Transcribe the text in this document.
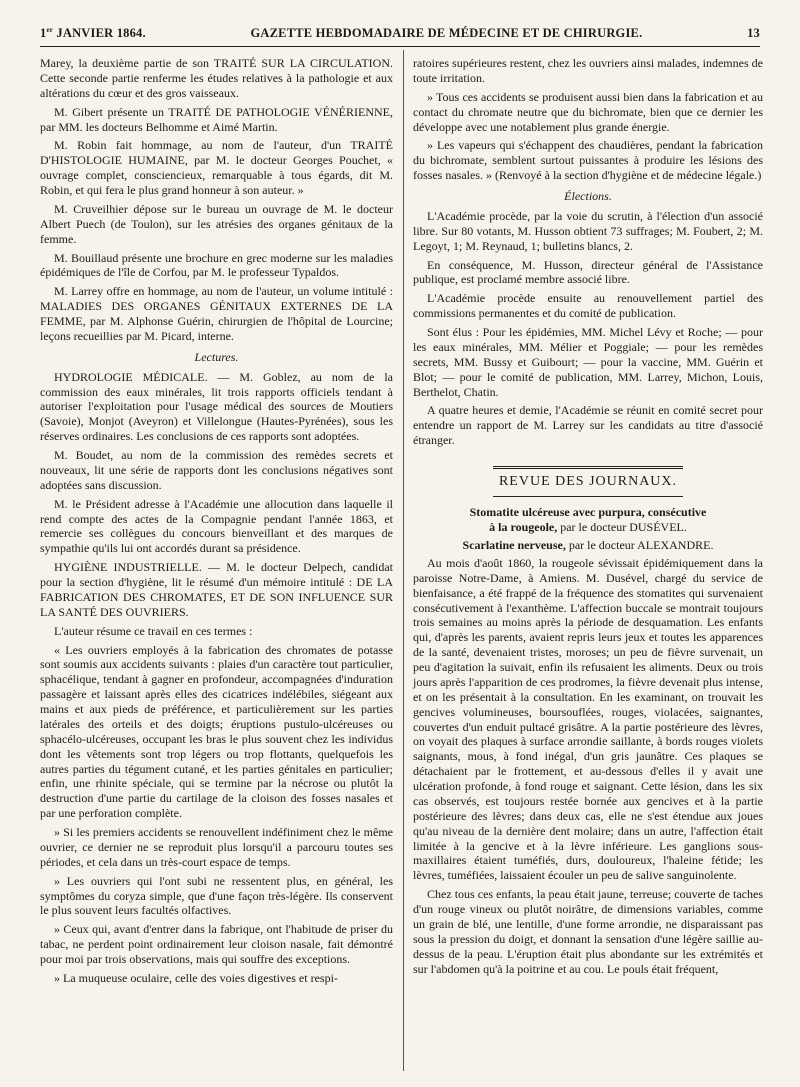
1er JANVIER 1864.	GAZETTE HEBDOMADAIRE DE MÉDECINE ET DE CHIRURGIE.	13

Marey, la deuxième partie de son TRAITÉ SUR LA CIRCULATION. Cette seconde partie renferme les études relatives à la pathologie et aux altérations du cœur et des gros vaisseaux.

M. Gibert présente un TRAITÉ DE PATHOLOGIE VÉNÉRIENNE, par MM. les docteurs Belhomme et Aimé Martin.

M. Robin fait hommage, au nom de l'auteur, d'un TRAITÉ D'HISTOLOGIE HUMAINE, par M. le docteur Georges Pouchet, « ouvrage complet, consciencieux, remarquable à tous égards, dit M. Robin, et qui fera le plus grand honneur à son auteur. »

M. Cruveilhier dépose sur le bureau un ouvrage de M. le docteur Albert Puech (de Toulon), sur les atrésies des organes génitaux de la femme.

M. Bouillaud présente une brochure en grec moderne sur les maladies épidémiques de l'île de Corfou, par M. le professeur Typaldos.

M. Larrey offre en hommage, au nom de l'auteur, un volume intitulé : MALADIES DES ORGANES GÉNITAUX EXTERNES DE LA FEMME, par M. Alphonse Guérin, chirurgien de l'hôpital de Lourcine; leçons recueillies par M. Picard, interne.

Lectures.

HYDROLOGIE MÉDICALE. — M. Goblez, au nom de la commission des eaux minérales, lit trois rapports officiels tendant à autoriser l'exploitation pour l'usage médical des sources de Moutiers (Savoie), Monjot (Aveyron) et Villelongue (Hautes-Pyrénées), sous les réserves ordinaires. Les conclusions de ces rapports sont adoptées.

M. Boudet, au nom de la commission des remèdes secrets et nouveaux, lit une série de rapports dont les conclusions négatives sont adoptées sans discussion.

M. le Président adresse à l'Académie une allocution dans laquelle il rend compte des actes de la Compagnie pendant l'année 1863, et remercie ses collègues du concours bienveillant et des marques de sympathie qu'ils lui ont accordés durant sa présidence.

HYGIÈNE INDUSTRIELLE. — M. le docteur Delpech, candidat pour la section d'hygiène, lit le résumé d'un mémoire intitulé : DE LA FABRICATION DES CHROMATES, ET DE SON INFLUENCE SUR LA SANTÉ DES OUVRIERS.

L'auteur résume ce travail en ces termes :

« Les ouvriers employés à la fabrication des chromates de potasse sont soumis aux accidents suivants : plaies d'un caractère tout particulier, sphacélique, tendant à gagner en profondeur, accompagnées d'induration passagère et laissant après elles des cicatrices indélébiles, siégeant aux mains et aux pieds de préférence, et particulièrement sur les parties latérales des orteils et des doigts; éruptions pustulo-ulcéreuses ou sphacélo-ulcéreuses, occupant les bras le plus souvent chez les individus dont les vêtements sont trop légers ou trop flottants, quelquefois les autres parties du tégument cutané, et les parties génitales en particulier; enfin, une rhinite spéciale, qui se termine par la nécrose ou plutôt la destruction d'une partie du cartilage de la cloison des fosses nasales et par une perforation complète.

» Si les premiers accidents se renouvellent indéfiniment chez le même ouvrier, ce dernier ne se reproduit plus lorsqu'il a parcouru toutes ses périodes, et cela dans un très-court espace de temps.

» Les ouvriers qui l'ont subi ne ressentent plus, en général, les symptômes du coryza simple, que d'une façon très-légère. Ils conservent le plus souvent leurs facultés olfactives.

» Ceux qui, avant d'entrer dans la fabrique, ont l'habitude de priser du tabac, ne perdent point ordinairement leur cloison nasale, fait démontré pour moi par trois observations, mais qui souffre des exceptions.

» La muqueuse oculaire, celle des voies digestives et respi-

ratoires supérieures restent, chez les ouvriers ainsi malades, indemnes de toute irritation.

» Tous ces accidents se produisent aussi bien dans la fabrication et au contact du chromate neutre que du bichromate, bien que ce dernier les développe avec une notablement plus grande énergie.

» Les vapeurs qui s'échappent des chaudières, pendant la fabrication du bichromate, semblent surtout puissantes à produire les lésions des fosses nasales. » (Renvoyé à la section d'hygiène et de médecine légale.)

Élections.

L'Académie procède, par la voie du scrutin, à l'élection d'un associé libre. Sur 80 votants, M. Husson obtient 73 suffrages; M. Foubert, 2; M. Legoyt, 1; M. Reynaud, 1; bulletins blancs, 2.

En conséquence, M. Husson, directeur général de l'Assistance publique, est proclamé membre associé libre.

L'Académie procède ensuite au renouvellement partiel des commissions permanentes et du comité de publication.

Sont élus : Pour les épidémies, MM. Michel Lévy et Roche; — pour les eaux minérales, MM. Mélier et Poggiale; — pour les remèdes secrets, MM. Bussy et Guibourt; — pour la vaccine, MM. Guérin et Blot; — pour le comité de publication, MM. Larrey, Michon, Louis, Berthelot, Chatin.

A quatre heures et demie, l'Académie se réunit en comité secret pour entendre un rapport de M. Larrey sur les candidats au titre d'associé étranger.

REVUE DES JOURNAUX.

Stomatite ulcéreuse avec purpura, consécutive
à la rougeole, par le docteur DUSÉVEL.

Scarlatine nerveuse, par le docteur ALEXANDRE.

Au mois d'août 1860, la rougeole sévissait épidémiquement dans la paroisse Notre-Dame, à Amiens. M. Dusével, chargé du service de bienfaisance, a été frappé de la fréquence des stomatites qui survenaient consécutivement à l'exanthème. L'affection buccale se montrait toujours trois semaines au moins après la période de desquamation. Les enfants qui, d'après les parents, avaient repris leurs jeux et toutes les apparences de la santé, devenaient tristes, moroses; un peu de fièvre survenait, un peu d'agitation la suivait, enfin ils refusaient les aliments. Deux ou trois jours après l'apparition de ces prodromes, la fièvre devenait plus intense, et on les présentait à la consultation. En les examinant, on trouvait les gencives volumineuses, boursouflées, rouges, violacées, saignantes, couvertes d'un enduit pultacé grisâtre. A la partie postérieure des lèvres, on voyait des plaques à surface arrondie saillante, à bords rouges violets saignants, mous, à fond inégal, d'un gris jaunâtre. Ces plaques se détachaient par le frottement, et au-dessous d'elles il y avait une ulcération profonde, à fond rouge et saignant. Cette lésion, dans les six cas observés, est toujours restée bornée aux gencives et à la partie postérieure des lèvres; dans deux cas, elle ne s'est étendue aux joues qu'au niveau de la dernière dent molaire; dans un autre, l'affection était limitée à la gencive et à la lèvre inférieure. Les ganglions sous-maxillaires étaient tuméfiés, durs, douloureux, l'haleine fétide; les lèvres, tuméfiées, laissaient écouler un peu de salive sanguinolente.

Chez tous ces enfants, la peau était jaune, terreuse; couverte de taches d'un rouge vineux ou plutôt noirâtre, de dimensions variables, comme un grain de blé, une lentille, d'une forme arrondie, ne disparaissant pas sous la pression du doigt, et donnant la sensation d'une légère saillie au-dessus de la peau. L'éruption était plus abondante sur les extrémités et sur l'abdomen qu'à la poitrine et au cou. Le pouls était fréquent,
